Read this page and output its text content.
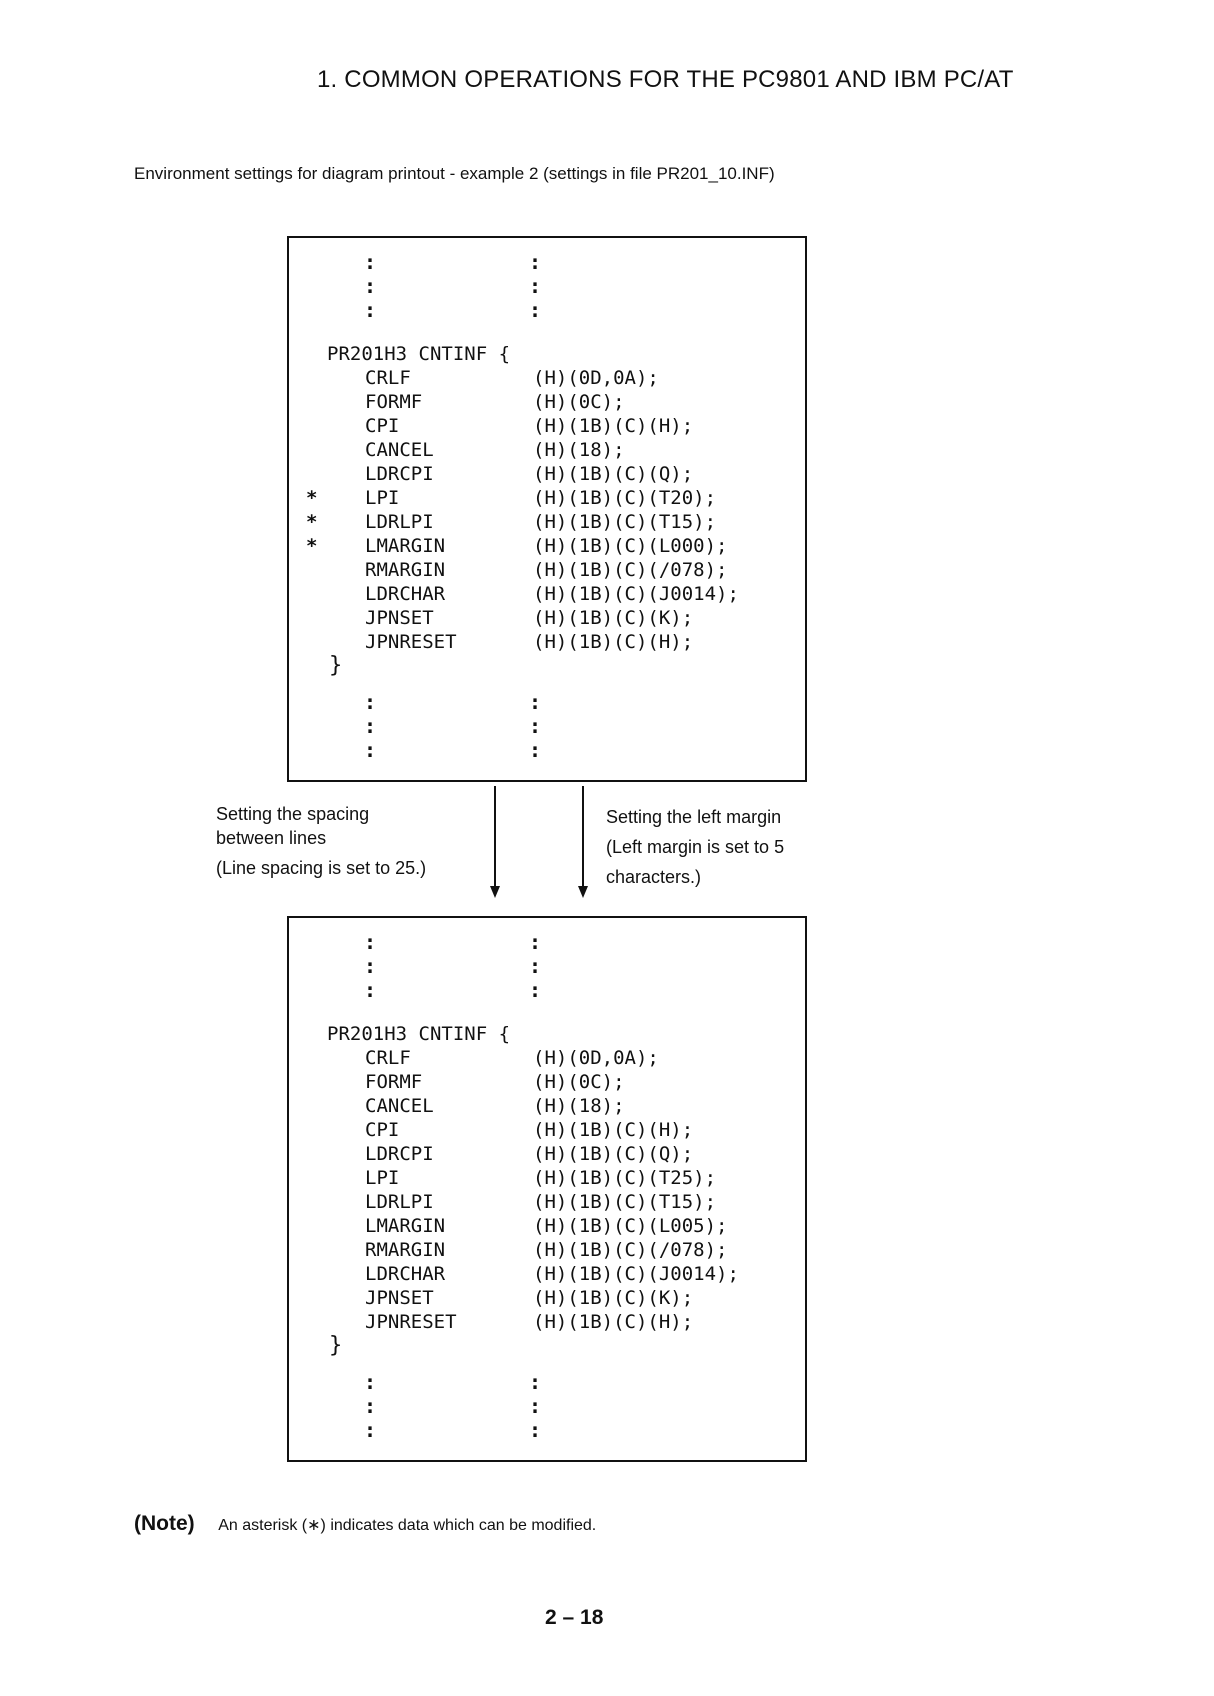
1. COMMON OPERATIONS FOR THE PC9801 AND IBM PC/AT
Environment settings for diagram printout - example 2 (settings in file PR201_10.INF)
:
:
:
:
:
:
PR201H3 CNTINF {
CRLF	(H)(0D,0A);
FORMF	(H)(0C);
CPI	(H)(1B)(C)(H);
CANCEL	(H)(18);
LDRCPI	(H)(1B)(C)(Q);
*	LPI	(H)(1B)(C)(T20);
*	LDRLPI	(H)(1B)(C)(T15);
*	LMARGIN	(H)(1B)(C)(L000);
RMARGIN	(H)(1B)(C)(/078);
LDRCHAR	(H)(1B)(C)(J0014);
JPNSET	(H)(1B)(C)(K);
JPNRESET	(H)(1B)(C)(H);
}
:
:
:
:
:
:
Setting the spacing
between lines
(Line spacing is set to 25.)
Setting the left margin
(Left margin is set to 5
characters.)
:
:
:
:
:
:
PR201H3 CNTINF {
CRLF	(H)(0D,0A);
FORMF	(H)(0C);
CANCEL	(H)(18);
CPI	(H)(1B)(C)(H);
LDRCPI	(H)(1B)(C)(Q);
LPI	(H)(1B)(C)(T25);
LDRLPI	(H)(1B)(C)(T15);
LMARGIN	(H)(1B)(C)(L005);
RMARGIN	(H)(1B)(C)(/078);
LDRCHAR	(H)(1B)(C)(J0014);
JPNSET	(H)(1B)(C)(K);
JPNRESET	(H)(1B)(C)(H);
}
:
:
:
:
:
:
(Note) An asterisk (∗) indicates data which can be modified.
2 – 18
